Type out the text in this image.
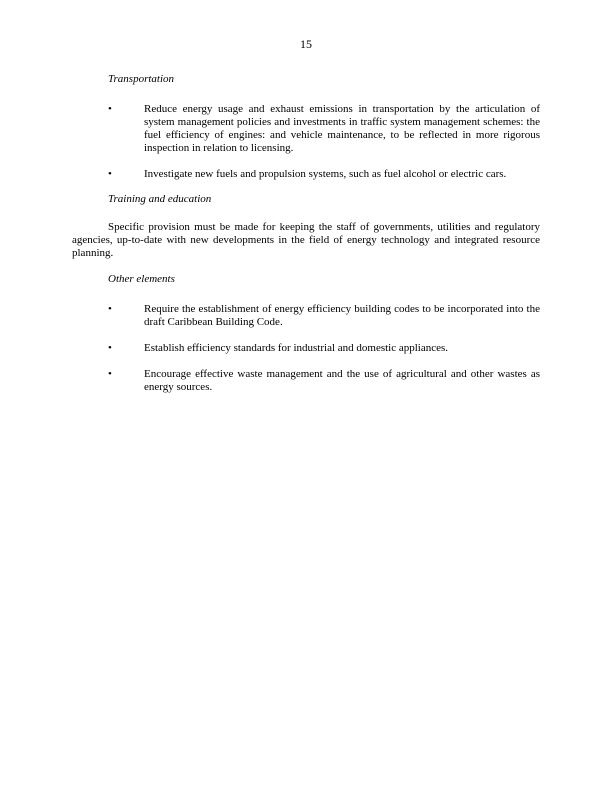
15
Transportation
•	Reduce energy usage and exhaust emissions in transportation by the articulation of system management policies and investments in traffic system management schemes: the fuel efficiency of engines: and vehicle maintenance, to be reflected in more rigorous inspection in relation to licensing.
•	Investigate new fuels and propulsion systems, such as fuel alcohol or electric cars.
Training and education

Specific provision must be made for keeping the staff of governments, utilities and regulatory agencies, up-to-date with new developments in the field of energy technology and integrated resource planning.

Other elements
•	Require the establishment of energy efficiency building codes to be incorporated into the draft Caribbean Building Code.
•	Establish efficiency standards for industrial and domestic appliances.
•	Encourage effective waste management and the use of agricultural and other wastes as energy sources.
